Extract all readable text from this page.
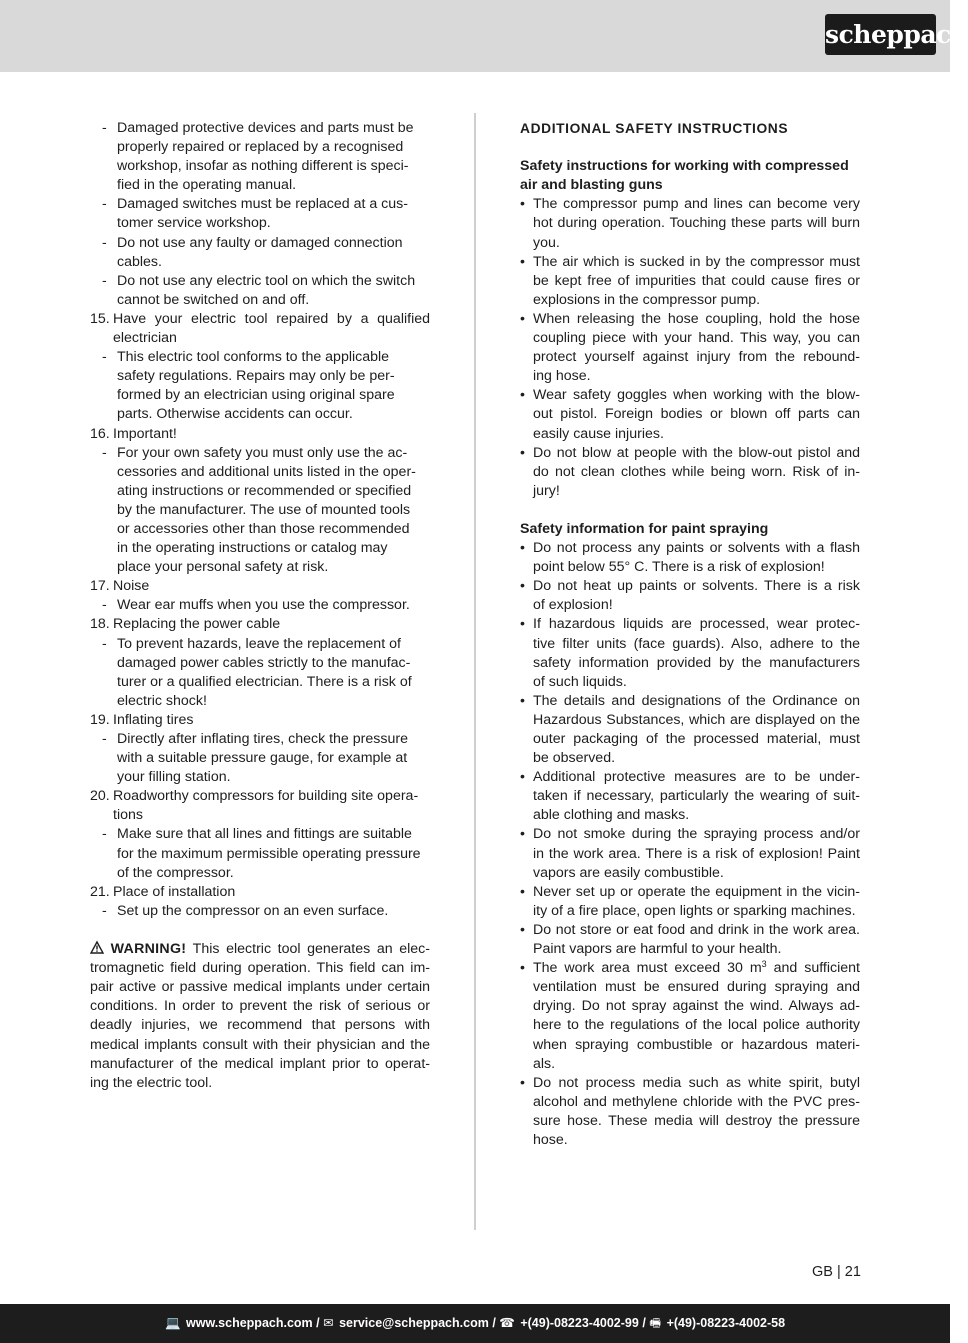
scheppach
- Damaged protective devices and parts must be
properly repaired or replaced by a recognised
workshop, insofar as nothing different is speci-
fied in the operating manual.
- Damaged switches must be replaced at a cus-
tomer service workshop.
- Do not use any faulty or damaged connection
cables.
- Do not use any electric tool on which the switch
cannot be switched on and off.
15. Have your electric tool repaired by a qualified
electrician
- This electric tool conforms to the applicable
safety regulations. Repairs may only be per-
formed by an electrician using original spare
parts. Otherwise accidents can occur.
16. Important!
- For your own safety you must only use the ac-
cessories and additional units listed in the oper-
ating instructions or recommended or specified
by the manufacturer. The use of mounted tools
or accessories other than those recommended
in the operating instructions or catalog may
place your personal safety at risk.
17. Noise
- Wear ear muffs when you use the compressor.
18. Replacing the power cable
- To prevent hazards, leave the replacement of
damaged power cables strictly to the manufac-
turer or a qualified electrician. There is a risk of
electric shock!
19. Inflating tires
- Directly after inflating tires, check the pressure
with a suitable pressure gauge, for example at
your filling station.
20. Roadworthy compressors for building site opera-
tions
- Make sure that all lines and fittings are suitable
for the maximum permissible operating pressure
of the compressor.
21. Place of installation
- Set up the compressor on an even surface.
WARNING! This electric tool generates an elec-
tromagnetic field during operation. This field can im-
pair active or passive medical implants under certain
conditions. In order to prevent the risk of serious or
deadly injuries, we recommend that persons with
medical implants consult with their physician and the
manufacturer of the medical implant prior to operat-
ing the electric tool.
ADDITIONAL SAFETY INSTRUCTIONS
Safety instructions for working with compressed
air and blasting guns
• The compressor pump and lines can become very
hot during operation. Touching these parts will burn
you.
• The air which is sucked in by the compressor must
be kept free of impurities that could cause fires or
explosions in the compressor pump.
• When releasing the hose coupling, hold the hose
coupling piece with your hand. This way, you can
protect yourself against injury from the rebound-
ing hose.
• Wear safety goggles when working with the blow-
out pistol. Foreign bodies or blown off parts can
easily cause injuries.
• Do not blow at people with the blow-out pistol and
do not clean clothes while being worn. Risk of in-
jury!
Safety information for paint spraying
• Do not process any paints or solvents with a flash
point below 55° C. There is a risk of explosion!
• Do not heat up paints or solvents. There is a risk
of explosion!
• If hazardous liquids are processed, wear protec-
tive filter units (face guards). Also, adhere to the
safety information provided by the manufacturers
of such liquids.
• The details and designations of the Ordinance on
Hazardous Substances, which are displayed on the
outer packaging of the processed material, must
be observed.
• Additional protective measures are to be under-
taken if necessary, particularly the wearing of suit-
able clothing and masks.
• Do not smoke during the spraying process and/or
in the work area. There is a risk of explosion! Paint
vapors are easily combustible.
• Never set up or operate the equipment in the vicin-
ity of a fire place, open lights or sparking machines.
• Do not store or eat food and drink in the work area.
Paint vapors are harmful to your health.
• The work area must exceed 30 $m^3$ and sufficient
ventilation must be ensured during spraying and
drying. Do not spray against the wind. Always ad-
here to the regulations of the local police authority
when spraying combustible or hazardous materi-
als.
• Do not process media such as white spirit, butyl
alcohol and methylene chloride with the PVC pres-
sure hose. These media will destroy the pressure
hose.
GB | 21
💻 www.scheppach.com / ✉ service@scheppach.com / ☎ +(49)-08223-4002-99 / 🖷 +(49)-08223-4002-58
